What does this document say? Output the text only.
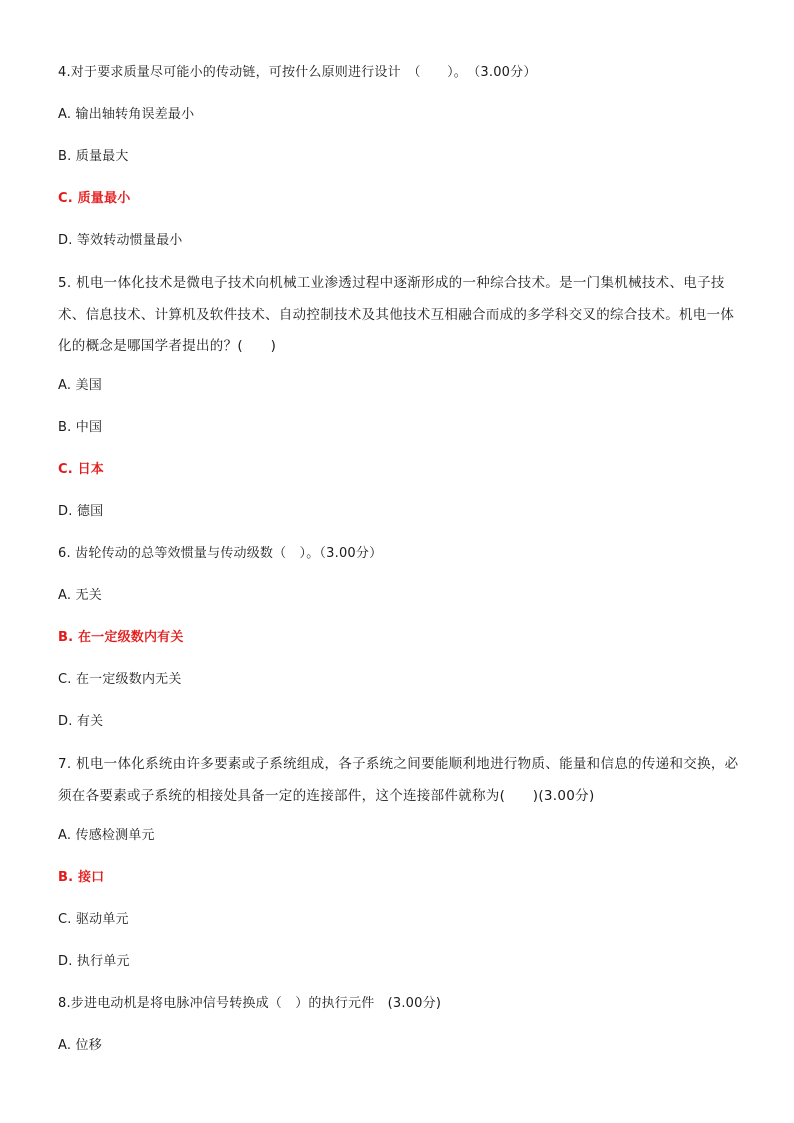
4.对于要求质量尽可能小的传动链，可按什么原则进行设计　（　　）。　（3.00分）
A. 输出轴转角误差最小
B. 质量最大
C. 质量最小
D. 等效转动惯量最小
5. 机电一体化技术是微电子技术向机械工业渗透过程中逐渐形成的一种综合技术。是一门集机械技术、电子技术、信息技术、计算机及软件技术、自动控制技术及其他技术互相融合而成的多学科交叉的综合技术。机电一体化的概念是哪国学者提出的？(　　)
A. 美国
B. 中国
C. 日本
D. 德国
6. 齿轮传动的总等效惯量与传动级数（　）。（3.00分）
A. 无关
B. 在一定级数内有关
C. 在一定级数内无关
D. 有关
7. 机电一体化系统由许多要素或子系统组成，各子系统之间要能顺利地进行物质、能量和信息的传递和交换，必须在各要素或子系统的相接处具备一定的连接部件，这个连接部件就称为(　　)(3.00分)
A. 传感检测单元
B. 接口
C. 驱动单元
D. 执行单元
8.步进电动机是将电脉冲信号转换成（　）的执行元件　(3.00分)
A. 位移
